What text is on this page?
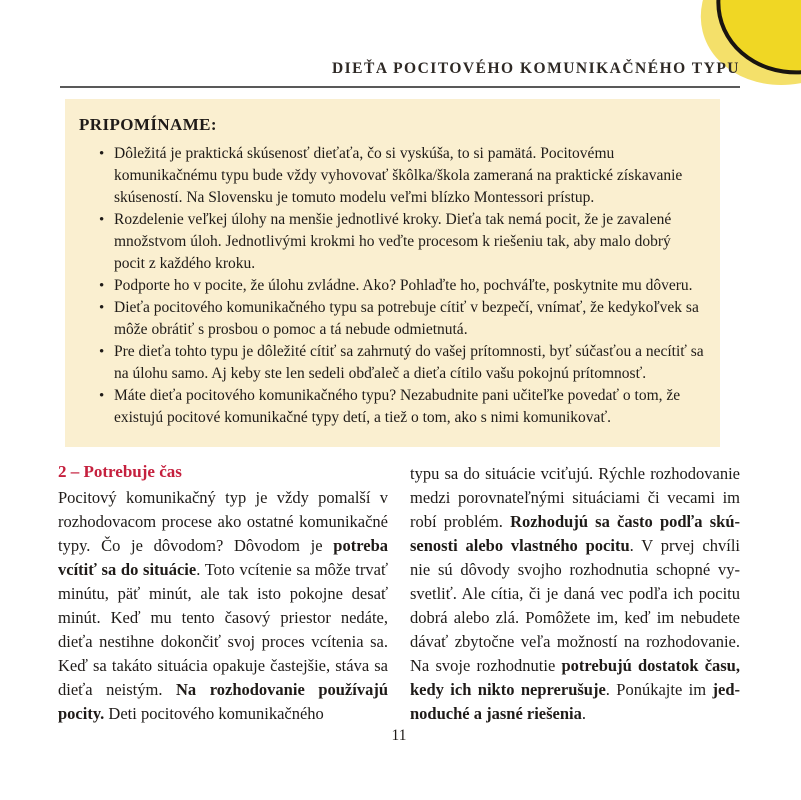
DIEŤA POCITOVÉHO KOMUNIKAČNÉHO TYPU
PRIPOMÍNAME:
• Dôležitá je praktická skúsenosť dieťaťa, čo si vyskúša, to si pamätá. Pocitovému komunikačnému typu bude vždy vyhovovať škôlka/škola zameraná na praktické získavanie skúseností. Na Slovensku je tomuto modelu veľmi blízko Montessori prístup.
• Rozdelenie veľkej úlohy na menšie jednotlivé kroky. Dieťa tak nemá pocit, že je zavalené množstvom úloh. Jednotlivými krokmi ho veďte procesom k riešeniu tak, aby malo dobrý pocit z každého kroku.
• Podporte ho v pocite, že úlohu zvládne. Ako? Pohlaďte ho, pochváľte, poskytnite mu dôveru.
• Dieťa pocitového komunikačného typu sa potrebuje cítiť v bezpečí, vnímať, že kedykoľvek sa môže obrátiť s prosbou o pomoc a tá nebude odmietnutá.
• Pre dieťa tohto typu je dôležité cítiť sa zahrnutý do vašej prítomnosti, byť súčasťou a necítiť sa na úlohu samo. Aj keby ste len sedeli obďaleč a dieťa cítilo vašu pokojnú prítomnosť.
• Máte dieťa pocitového komunikačného typu? Nezabudnite pani učiteľke povedať o tom, že existujú pocitové komunikačné typy detí, a tiež o tom, ako s nimi komunikovať.
2 – Potrebuje čas

Pocitový komunikačný typ je vždy pomalší v rozhodovacom procese ako ostatné komunikačné typy. Čo je dôvodom? Dôvodom je potreba vcítiť sa do situácie. Toto vcítenie sa môže trvať minútu, päť minút, ale tak isto pokojne desať minút. Keď mu tento časový priestor nedáte, dieťa nestihne dokončiť svoj proces vcítenia sa. Keď sa takáto situácia opakuje častejšie, stáva sa dieťa neistým. Na rozhodovanie používajú pocity. Deti pocitového komunikačného

typu sa do situácie vciťujú. Rýchle rozhodovanie medzi porovnateľnými situáciami či vecami im robí problém. Rozhodujú sa často podľa skúsenosti alebo vlastného pocitu. V prvej chvíli nie sú dôvody svojho rozhodnutia schopné vysvetliť. Ale cítia, či je daná vec podľa ich pocitu dobrá alebo zlá. Pomôžete im, keď im nebudete dávať zbytočne veľa možností na rozhodovanie. Na svoje rozhodnutie potrebujú dostatok času, kedy ich nikto neprerušuje. Ponúkajte im jednoduché a jasné riešenia.

11
